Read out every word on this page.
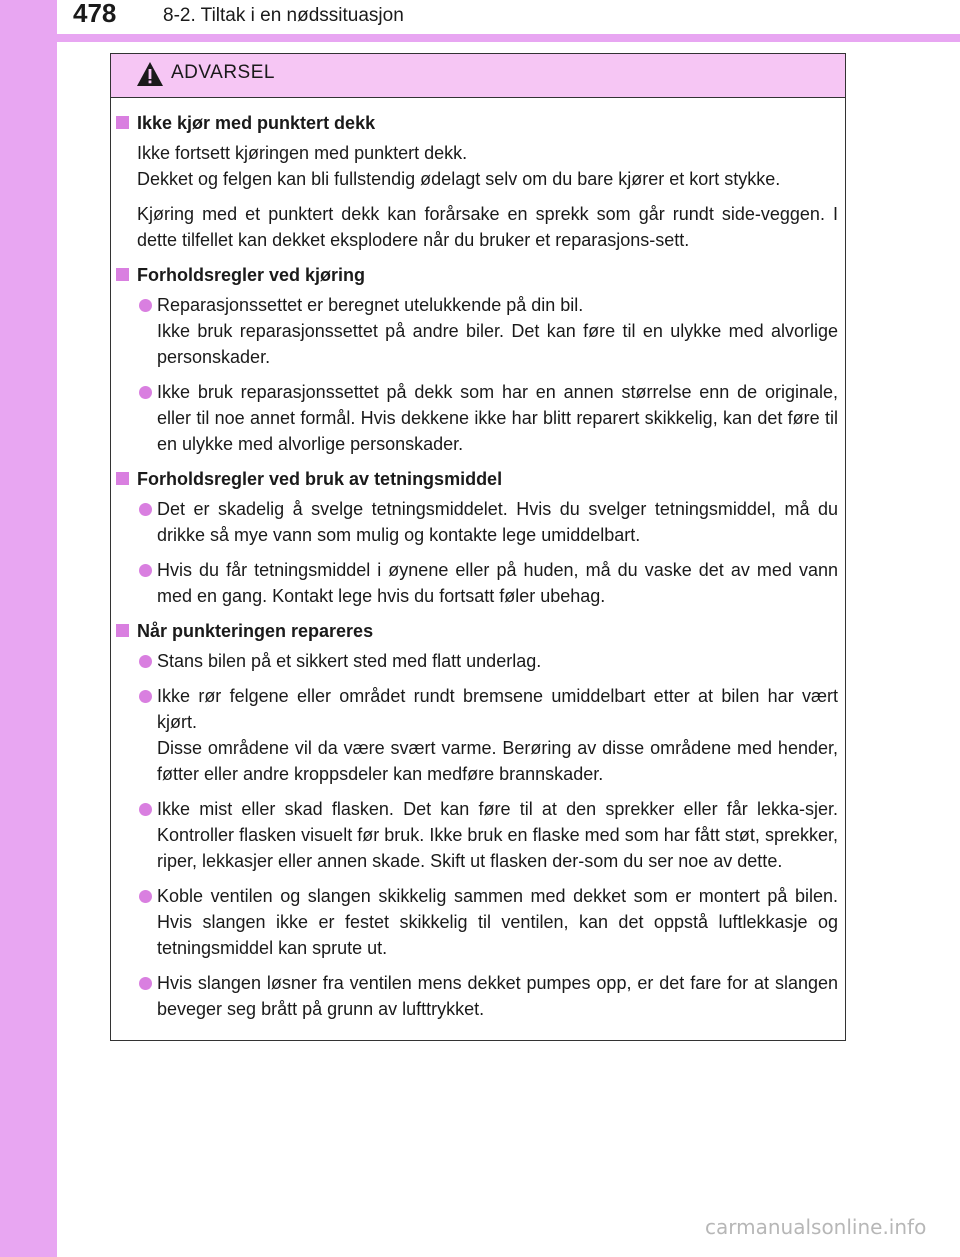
478 8-2. Tiltak i en nødssituasjon
ADVARSEL
Ikke kjør med punktert dekk
Ikke fortsett kjøringen med punktert dekk.
Dekket og felgen kan bli fullstendig ødelagt selv om du bare kjører et kort stykke.
Kjøring med et punktert dekk kan forårsake en sprekk som går rundt side-veggen. I dette tilfellet kan dekket eksplodere når du bruker et reparasjons-sett.
Forholdsregler ved kjøring
Reparasjonssettet er beregnet utelukkende på din bil.
Ikke bruk reparasjonssettet på andre biler. Det kan føre til en ulykke med alvorlige personskader.
Ikke bruk reparasjonssettet på dekk som har en annen størrelse enn de originale, eller til noe annet formål. Hvis dekkene ikke har blitt reparert skikkelig, kan det føre til en ulykke med alvorlige personskader.
Forholdsregler ved bruk av tetningsmiddel
Det er skadelig å svelge tetningsmiddelet. Hvis du svelger tetningsmiddel, må du drikke så mye vann som mulig og kontakte lege umiddelbart.
Hvis du får tetningsmiddel i øynene eller på huden, må du vaske det av med vann med en gang. Kontakt lege hvis du fortsatt føler ubehag.
Når punkteringen repareres
Stans bilen på et sikkert sted med flatt underlag.
Ikke rør felgene eller området rundt bremsene umiddelbart etter at bilen har vært kjørt.
Disse områdene vil da være svært varme. Berøring av disse områdene med hender, føtter eller andre kroppsdeler kan medføre brannskader.
Ikke mist eller skad flasken. Det kan føre til at den sprekker eller får lekka-sjer. Kontroller flasken visuelt før bruk. Ikke bruk en flaske med som har fått støt, sprekker, riper, lekkasjer eller annen skade. Skift ut flasken der-som du ser noe av dette.
Koble ventilen og slangen skikkelig sammen med dekket som er montert på bilen. Hvis slangen ikke er festet skikkelig til ventilen, kan det oppstå luftlekkasje og tetningsmiddel kan sprute ut.
Hvis slangen løsner fra ventilen mens dekket pumpes opp, er det fare for at slangen beveger seg brått på grunn av lufttrykket.
carmanualsonline.info
